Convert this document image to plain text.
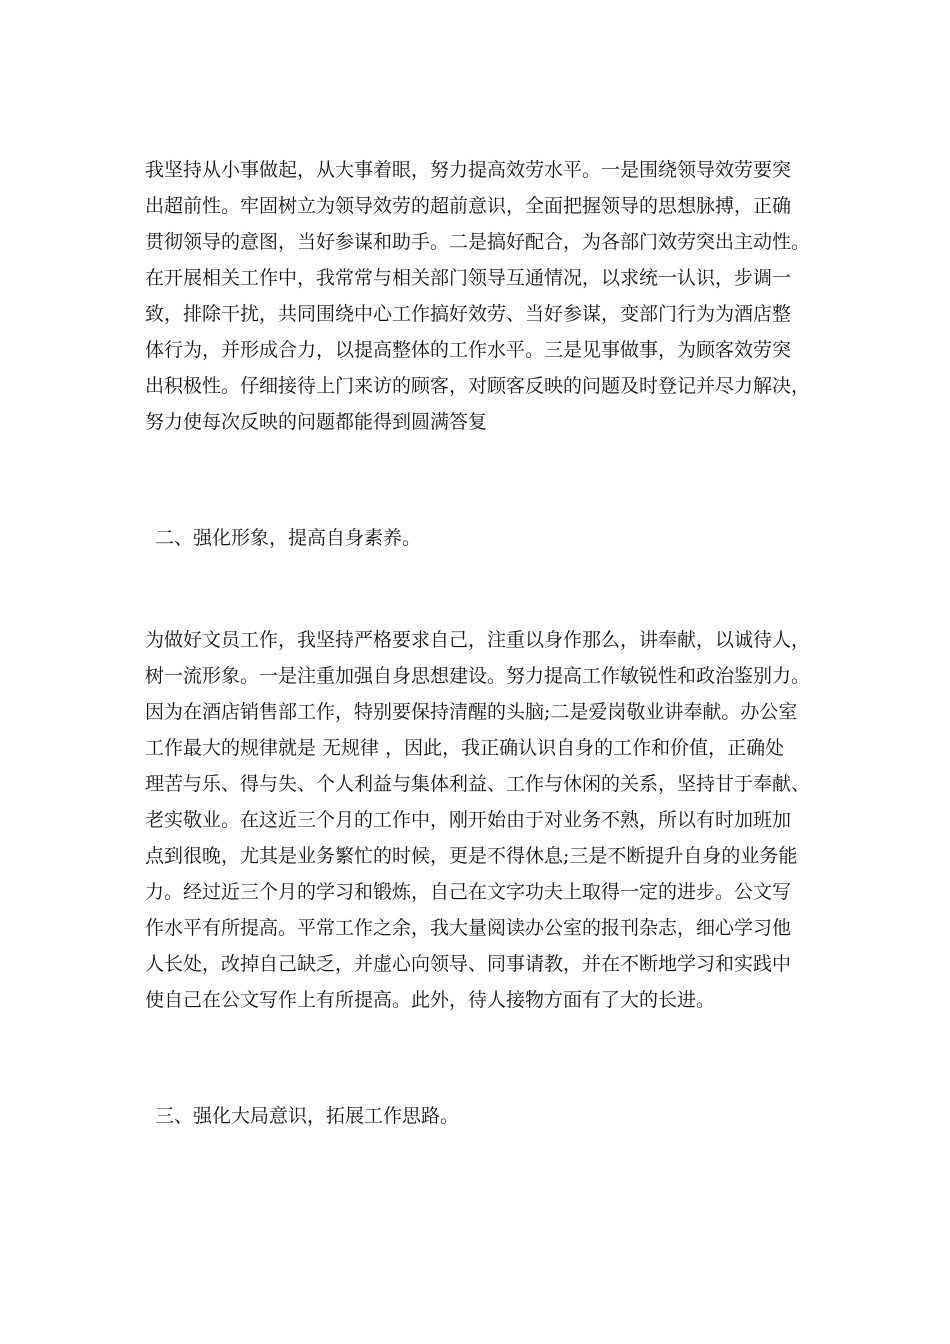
我坚持从小事做起，从大事着眼，努力提高效劳水平。一是围绕领导效劳要突
出超前性。牢固树立为领导效劳的超前意识，全面把握领导的思想脉搏，正确
贯彻领导的意图，当好参谋和助手。二是搞好配合，为各部门效劳突出主动性。
在开展相关工作中，我常常与相关部门领导互通情况，以求统一认识，步调一
致，排除干扰，共同围绕中心工作搞好效劳、当好参谋，变部门行为为酒店整
体行为，并形成合力，以提高整体的工作水平。三是见事做事，为顾客效劳突
出积极性。仔细接待上门来访的顾客，对顾客反映的问题及时登记并尽力解决，
努力使每次反映的问题都能得到圆满答复
二、强化形象，提高自身素养。
为做好文员工作，我坚持严格要求自己，注重以身作那么，讲奉献，以诚待人，
树一流形象。一是注重加强自身思想建设。努力提高工作敏锐性和政治鉴别力。
因为在酒店销售部工作，特别要保持清醒的头脑;二是爱岗敬业讲奉献。办公室
工作最大的规律就是 无规律 ，因此，我正确认识自身的工作和价值，正确处
理苦与乐、得与失、个人利益与集体利益、工作与休闲的关系，坚持甘于奉献、
老实敬业。在这近三个月的工作中，刚开始由于对业务不熟，所以有时加班加
点到很晚，尤其是业务繁忙的时候，更是不得休息;三是不断提升自身的业务能
力。经过近三个月的学习和锻炼，自己在文字功夫上取得一定的进步。公文写
作水平有所提高。平常工作之余，我大量阅读办公室的报刊杂志，细心学习他
人长处，改掉自己缺乏，并虚心向领导、同事请教，并在不断地学习和实践中
使自己在公文写作上有所提高。此外，待人接物方面有了大的长进。
三、强化大局意识，拓展工作思路。
